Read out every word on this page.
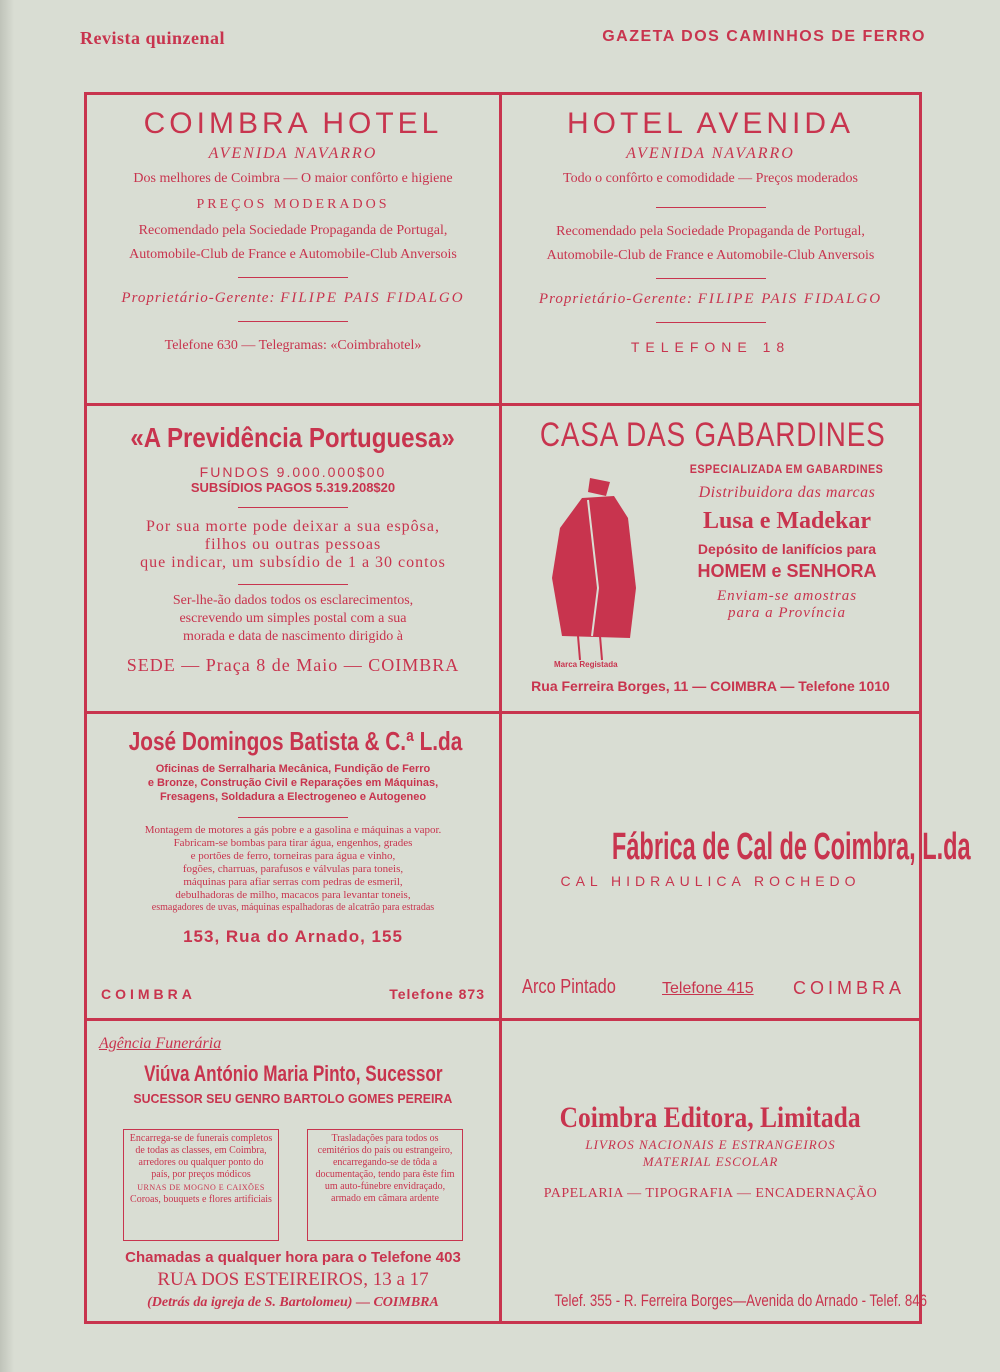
Revista quinzenal	GAZETA DOS CAMINHOS DE FERRO
COIMBRA HOTEL
AVENIDA NAVARRO
Dos melhores de Coimbra — O maior confôrto e higiene
PREÇOS MODERADOS
Recomendado pela Sociedade Propaganda de Portugal,
Automobile-Club de France e Automobile-Club Anversois
Proprietário-Gerente: FILIPE PAIS FIDALGO
Telefone 630 — Telegramas: «Coimbrahotel»
HOTEL AVENIDA
AVENIDA NAVARRO
Todo o confôrto e comodidade — Preços moderados
Recomendado pela Sociedade Propaganda de Portugal,
Automobile-Club de France e Automobile-Club Anversois
Proprietário-Gerente: FILIPE PAIS FIDALGO
TELEFONE 18
«A Previdência Portuguesa»
FUNDOS 9.000.000$00
SUBSÍDIOS PAGOS 5.319.208$20
Por sua morte pode deixar a sua espôsa,
filhos ou outras pessoas
que indicar, um subsídio de 1 a 30 contos
Ser-lhe-ão dados todos os esclarecimentos,
escrevendo um simples postal com a sua
morada e data de nascimento dirigido à
SEDE — Praça 8 de Maio — COIMBRA
CASA DAS GABARDINES
Marca Registada
ESPECIALIZADA EM GABARDINES
Distribuidora das marcas
Lusa e Madekar
Depósito de lanifícios para
HOMEM e SENHORA
Enviam-se amostras
para a Província
Rua Ferreira Borges, 11 — COIMBRA — Telefone 1010
José Domingos Batista & C.ª L.da
Oficinas de Serralharia Mecânica, Fundição de Ferro
e Bronze, Construção Civil e Reparações em Máquinas,
Fresagens, Soldadura a Electrogeneo e Autogeneo
Montagem de motores a gás pobre e a gasolina e máquinas a vapor.
Fabricam-se bombas para tirar água, engenhos, grades
e portões de ferro, torneiras para água e vinho,
fogões, charruas, parafusos e válvulas para toneis,
máquinas para afiar serras com pedras de esmeril,
debulhadoras de milho, macacos para levantar toneis,
esmagadores de uvas, máquinas espalhadoras de alcatrão para estradas
153, Rua do Arnado, 155
COIMBRA	Telefone 873
Fábrica de Cal de Coimbra, L.da
CAL HIDRAULICA ROCHEDO
Arco Pintado	Telefone 415 COIMBRA
Agência Funerária
Viúva António Maria Pinto, Sucessor
SUCESSOR SEU GENRO BARTOLO GOMES PEREIRA
Encarrega-se de funerais completos de todas as classes, em Coimbra, arredores ou qualquer ponto do país, por preços módicos
URNAS DE MOGNO E CAIXÕES
Coroas, bouquets e flores artificiais
Trasladações para todos os cemitérios do país ou estrangeiro, encarregando-se de tôda a documentação, tendo para êste fim um auto-fúnebre envidraçado, armado em câmara ardente
Chamadas a qualquer hora para o Telefone 403
RUA DOS ESTEIREIROS, 13 a 17
(Detrás da igreja de S. Bartolomeu) — COIMBRA
Coimbra Editora, Limitada
LIVROS NACIONAIS E ESTRANGEIROS
MATERIAL ESCOLAR
PAPELARIA — TIPOGRAFIA — ENCADERNAÇÃO
Telef. 355 - R. Ferreira Borges—Avenida do Arnado - Telef. 846
